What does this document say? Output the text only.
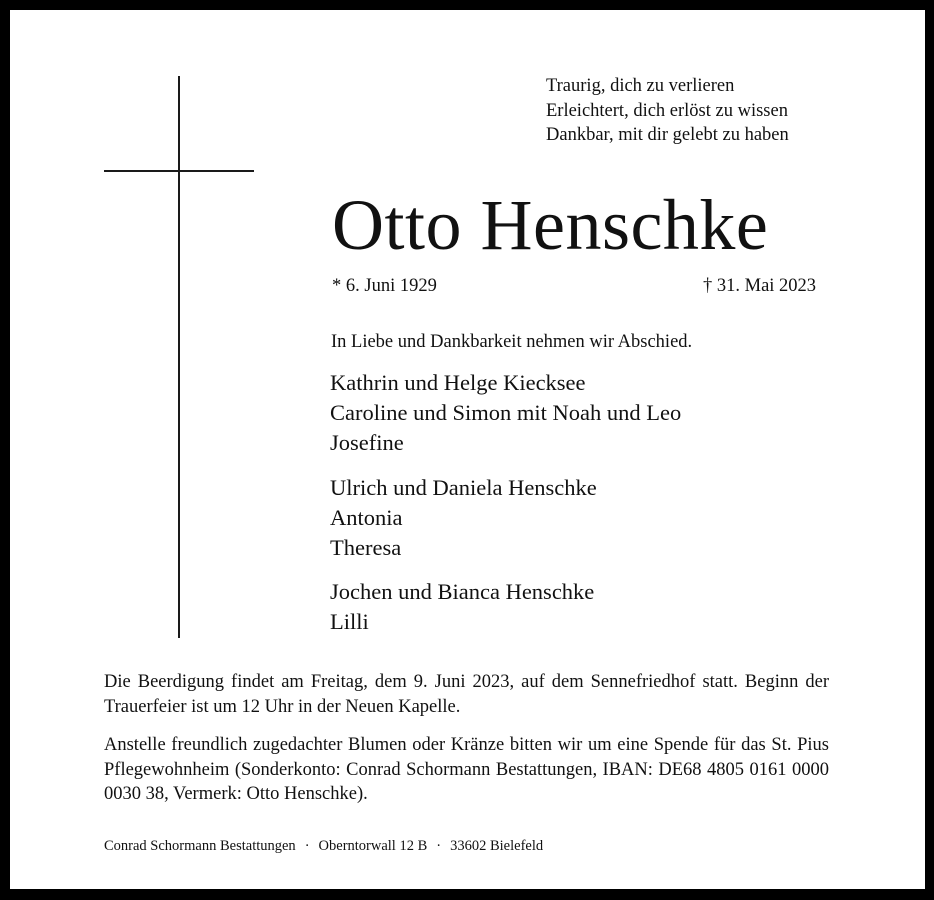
Traurig, dich zu verlieren
Erleichtert, dich erlöst zu wissen
Dankbar, mit dir gelebt zu haben
Otto Henschke
* 6. Juni 1929	† 31. Mai 2023
In Liebe und Dankbarkeit nehmen wir Abschied.
Kathrin und Helge Kiecksee
Caroline und Simon mit Noah und Leo
Josefine
Ulrich und Daniela Henschke
Antonia
Theresa
Jochen und Bianca Henschke
Lilli
Die Beerdigung findet am Freitag, dem 9. Juni 2023, auf dem Sennefriedhof statt. Beginn der Trauerfeier ist um 12 Uhr in der Neuen Kapelle.
Anstelle freundlich zugedachter Blumen oder Kränze bitten wir um eine Spende für das St. Pius Pflegewohnheim (Sonderkonto: Conrad Schormann Bestattungen, IBAN: DE68 4805 0161 0000 0030 38, Vermerk: Otto Henschke).
Conrad Schormann Bestattungen · Oberntorwall 12 B · 33602 Bielefeld
